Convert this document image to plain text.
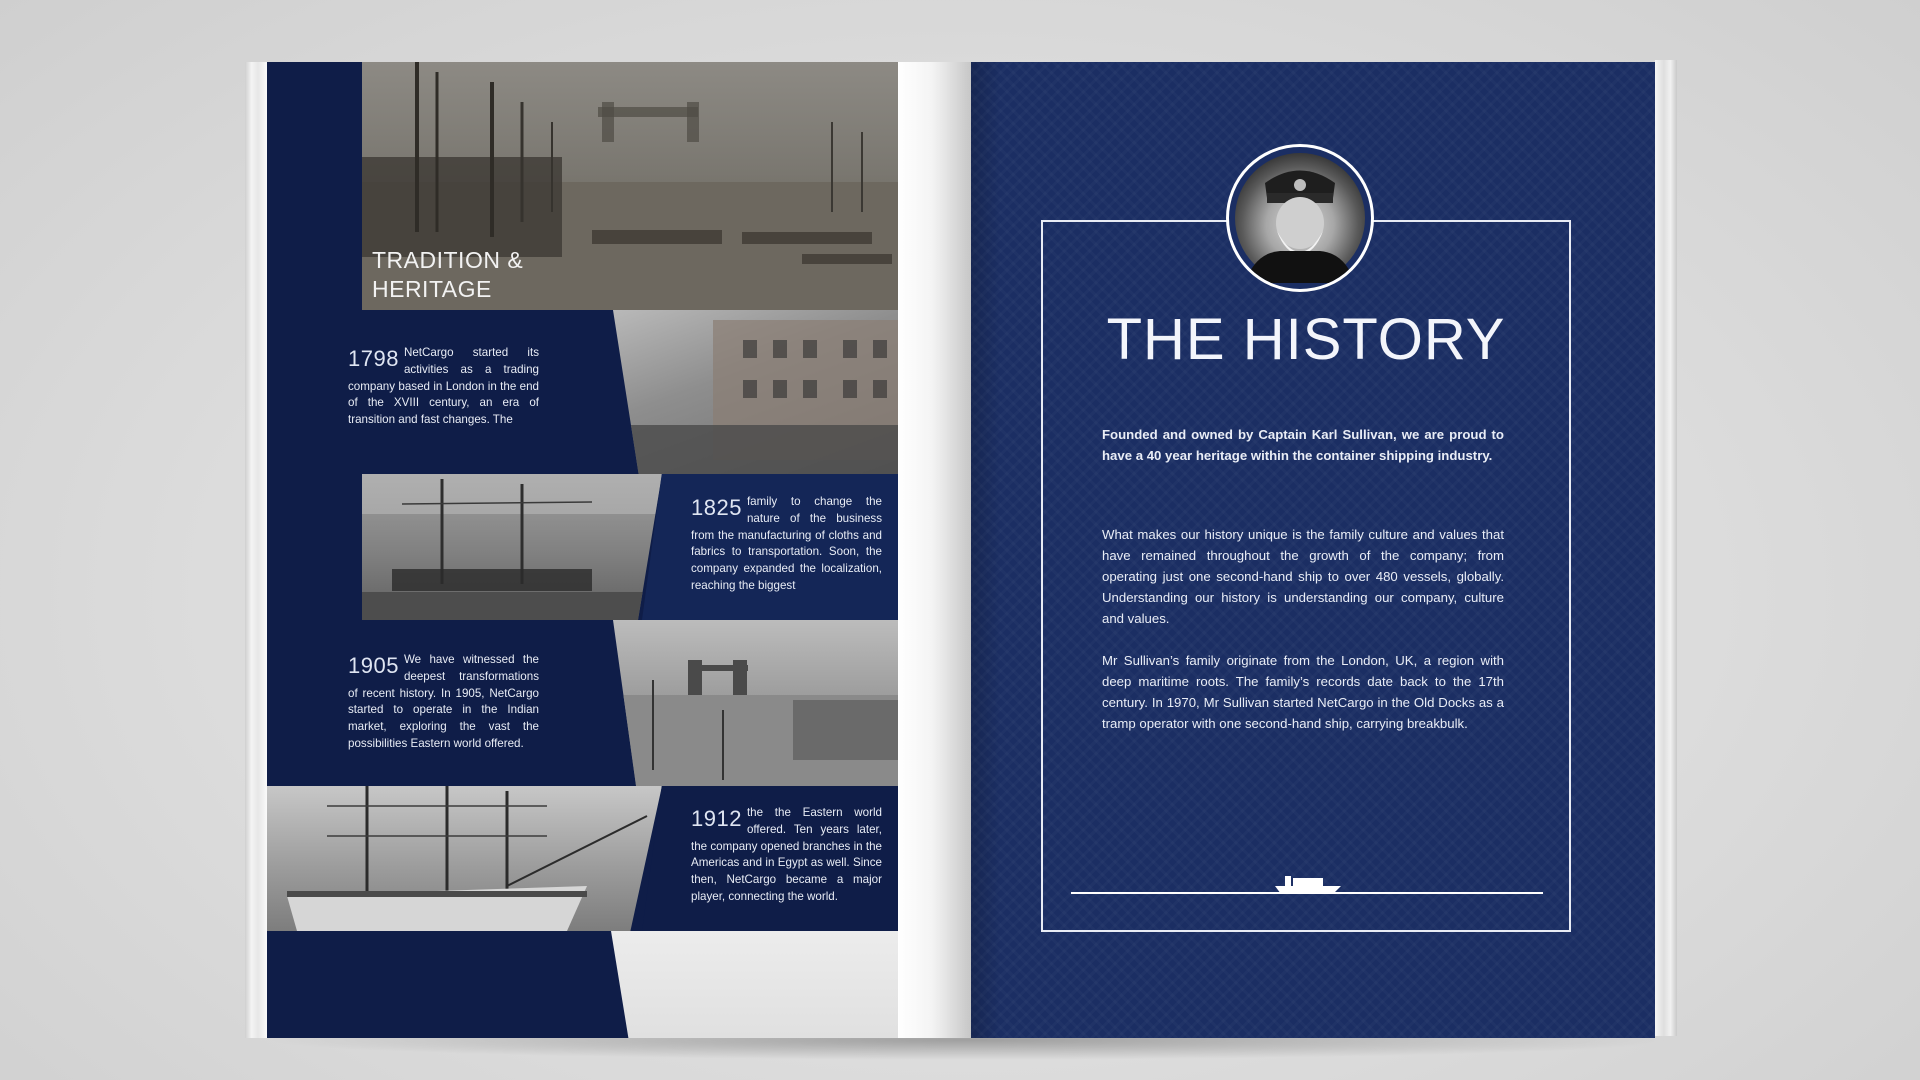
TRADITION &
HERITAGE
1798 NetCargo started its activities as a trading company based in London in the end of the XVIII century, an era of transition and fast changes. The
1825 family to change the nature of the business from the manufacturing of cloths and fabrics to transportation. Soon, the company expanded the localization, reaching the biggest
1905 We have witnessed the deepest transformations of recent history. In 1905, NetCargo started to operate in the Indian market, exploring the vast the possibilities Eastern world offered.
1912 the the Eastern world offered. Ten years later, the company opened branches in the Americas and in Egypt as well. Since then, NetCargo became a major player, connecting the world.
THE HISTORY
Founded and owned by Captain Karl Sullivan, we are proud to have a 40 year heritage within the container shipping industry.
What makes our history unique is the family culture and values that have remained throughout the growth of the company; from operating just one second-hand ship to over 480 vessels, globally. Understanding our history is understanding our company, culture and values.
Mr Sullivan’s family originate from the London, UK, a region with deep maritime roots. The family’s records date back to the 17th century. In 1970, Mr Sullivan started NetCargo in the Old Docks as a tramp operator with one second-hand ship, carrying breakbulk.
